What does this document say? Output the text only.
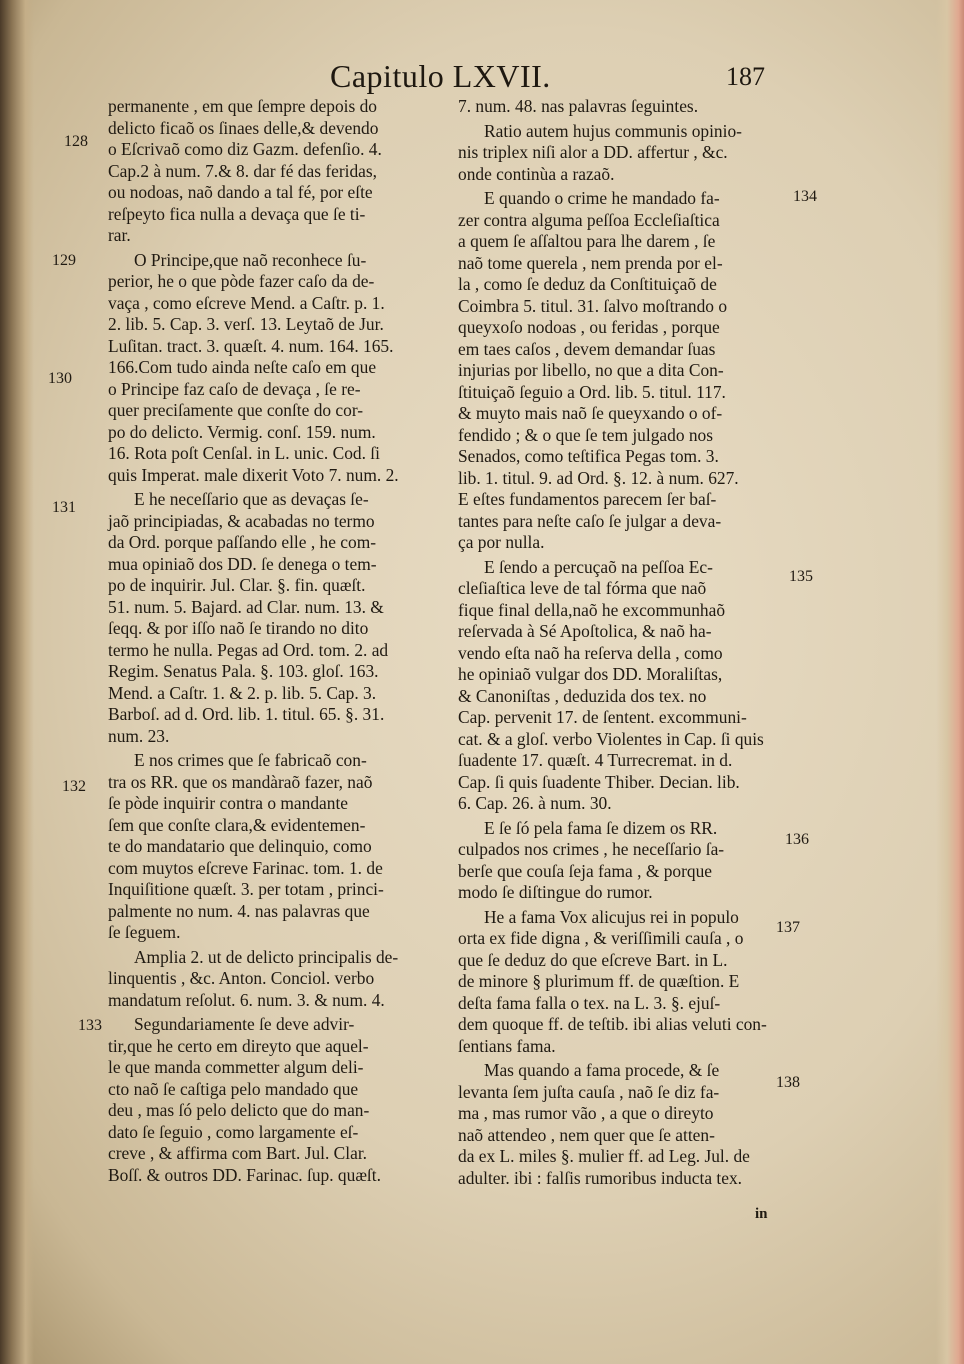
Capitulo LXVII.	187
permanente , em que ſempre depois do
delicto ficaõ os ſinaes delle,& devendo
o Eſcrivaõ como diz Gazm. defenſio. 4.
Cap.2 à num. 7.& 8. dar fé das feridas,
ou nodoas, naõ dando a tal fé, por eſte
reſpeyto fica nulla a devaça que ſe ti-
rar.
O Principe,que naõ reconhece ſu-
perior, he o que pòde fazer caſo da de-
vaça , como eſcreve Mend. a Caſtr. p. 1.
2. lib. 5. Cap. 3. verſ. 13. Leytaõ de Jur.
Luſitan. tract. 3. quæſt. 4. num. 164. 165.
166.Com tudo ainda neſte caſo em que
o Principe faz caſo de devaça , ſe re-
quer preciſamente que conſte do cor-
po do delicto. Vermig. conſ. 159. num.
16. Rota poſt Cenſal. in L. unic. Cod. ſi
quis Imperat. male dixerit Voto 7. num. 2.
E he neceſſario que as devaças ſe-
jaõ principiadas, & acabadas no termo
da Ord. porque paſſando elle , he com-
mua opiniaõ dos DD. ſe denega o tem-
po de inquirir. Jul. Clar. §. fin. quæſt.
51. num. 5. Bajard. ad Clar. num. 13. &
ſeqq. & por iſſo naõ ſe tirando no dito
termo he nulla. Pegas ad Ord. tom. 2. ad
Regim. Senatus Pala. §. 103. gloſ. 163.
Mend. a Caſtr. 1. & 2. p. lib. 5. Cap. 3.
Barboſ. ad d. Ord. lib. 1. titul. 65. §. 31.
num. 23.
E nos crimes que ſe fabricaõ con-
tra os RR. que os mandàraõ fazer, naõ
ſe pòde inquirir contra o mandante
ſem que conſte clara,& evidentemen-
te do mandatario que delinquio, como
com muytos eſcreve Farinac. tom. 1. de
Inquiſitione quæſt. 3. per totam , princi-
palmente no num. 4. nas palavras que
ſe ſeguem.
Amplia 2. ut de delicto principalis de-
linquentis , &c. Anton. Conciol. verbo
mandatum reſolut. 6. num. 3. & num. 4.
Segundariamente ſe deve advir-
tir,que he certo em direyto que aquel-
le que manda commetter algum deli-
cto naõ ſe caſtiga pelo mandado que
deu , mas ſó pelo delicto que do man-
dato ſe ſeguio , como largamente eſ-
creve , & affirma com Bart. Jul. Clar.
Boſſ. & outros DD. Farinac. ſup. quæſt.
7. num. 48. nas palavras ſeguintes.
Ratio autem hujus communis opinio-
nis triplex niſi alor a DD. affertur , &c.
onde continùa a razaõ.
E quando o crime he mandado fa-
zer contra alguma peſſoa Eccleſiaſtica
a quem ſe aſſaltou para lhe darem , ſe
naõ tome querela , nem prenda por el-
la , como ſe deduz da Conſtituiçaõ de
Coimbra 5. titul. 31. ſalvo moſtrando o
queyxoſo nodoas , ou feridas , porque
em taes caſos , devem demandar ſuas
injurias por libello, no que a dita Con-
ſtituiçaõ ſeguio a Ord. lib. 5. titul. 117.
& muyto mais naõ ſe queyxando o of-
fendido ; & o que ſe tem julgado nos
Senados, como teſtifica Pegas tom. 3.
lib. 1. titul. 9. ad Ord. §. 12. à num. 627.
E eſtes fundamentos parecem ſer baſ-
tantes para neſte caſo ſe julgar a deva-
ça por nulla.
E ſendo a percuçaõ na peſſoa Ec-
cleſiaſtica leve de tal fórma que naõ
fique final della,naõ he excommunhaõ
reſervada à Sé Apoſtolica, & naõ ha-
vendo eſta naõ ha reſerva della , como
he opiniaõ vulgar dos DD. Moraliſtas,
& Canoniſtas , deduzida dos tex. no
Cap. pervenit 17. de ſentent. excommuni-
cat. & a gloſ. verbo Violentes in Cap. ſi quis
ſuadente 17. quæſt. 4 Turrecremat. in d.
Cap. ſi quis ſuadente Thiber. Decian. lib.
6. Cap. 26. à num. 30.
E ſe ſó pela fama ſe dizem os RR.
culpados nos crimes , he neceſſario ſa-
berſe que couſa ſeja fama , & porque
modo ſe diſtingue do rumor.
He a fama Vox alicujus rei in populo
orta ex fide digna , & veriſſimili cauſa , o
que ſe deduz do que eſcreve Bart. in L.
de minore § plurimum ff. de quæſtion. E
deſta fama falla o tex. na L. 3. §. ejuſ-
dem quoque ff. de teſtib. ibi alias veluti con-
ſentians fama.
Mas quando a fama procede, & ſe
levanta ſem juſta cauſa , naõ ſe diz fa-
ma , mas rumor vão , a que o direyto
naõ attendeo , nem quer que ſe atten-
da ex L. miles §. mulier ff. ad Leg. Jul. de
adulter. ibi : falſis rumoribus inducta tex.
128
129
130
131
132
133
134
135
136
137
138
in
